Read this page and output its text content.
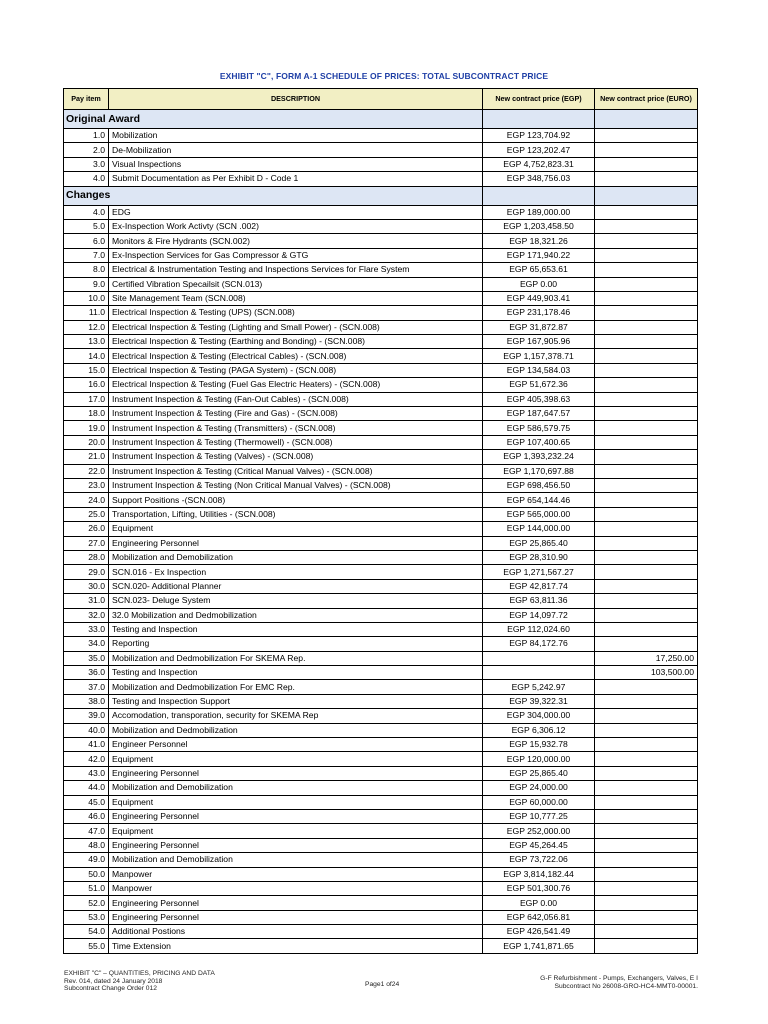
EXHIBIT "C", FORM A-1 SCHEDULE OF PRICES: TOTAL SUBCONTRACT PRICE
Pay item	DESCRIPTION	New contract price (EGP)	New contract price (EURO)
Original Award			
1.0	Mobilization	EGP 123,704.92	
2.0	De-Mobilization	EGP 123,202.47	
3.0	Visual Inspections	EGP 4,752,823.31	
4.0	Submit Documentation as Per Exhibit D - Code 1	EGP 348,756.03	
Changes			
4.0	EDG	EGP 189,000.00	
5.0	Ex-Inspection Work Activty (SCN .002)	EGP 1,203,458.50	
6.0	Monitors & Fire Hydrants (SCN.002)	EGP 18,321.26	
7.0	Ex-Inspection Services for Gas Compressor & GTG	EGP 171,940.22	
8.0	Electrical & Instrumentation Testing and Inspections Services for Flare System	EGP 65,653.61	
9.0	Certified Vibration Specailsit (SCN.013)	EGP 0.00	
10.0	Site Management Team (SCN.008)	EGP 449,903.41	
11.0	Electrical Inspection & Testing (UPS) (SCN.008)	EGP 231,178.46	
12.0	Electrical Inspection & Testing (Lighting and Small Power) - (SCN.008)	EGP 31,872.87	
13.0	Electrical Inspection & Testing (Earthing and Bonding) - (SCN.008)	EGP 167,905.96	
14.0	Electrical Inspection & Testing (Electrical Cables) - (SCN.008)	EGP 1,157,378.71	
15.0	Electrical Inspection & Testing (PAGA System) - (SCN.008)	EGP 134,584.03	
16.0	Electrical Inspection & Testing (Fuel Gas Electric Heaters) - (SCN.008)	EGP 51,672.36	
17.0	Instrument Inspection & Testing (Fan-Out Cables) - (SCN.008)	EGP 405,398.63	
18.0	Instrument Inspection & Testing (Fire and Gas) - (SCN.008)	EGP 187,647.57	
19.0	Instrument Inspection & Testing (Transmitters) - (SCN.008)	EGP 586,579.75	
20.0	Instrument Inspection & Testing (Thermowell) - (SCN.008)	EGP 107,400.65	
21.0	Instrument Inspection & Testing (Valves) - (SCN.008)	EGP 1,393,232.24	
22.0	Instrument Inspection & Testing (Critical Manual Valves) - (SCN.008)	EGP 1,170,697.88	
23.0	Instrument Inspection & Testing (Non Critical Manual Valves) - (SCN.008)	EGP 698,456.50	
24.0	Support Positions -(SCN.008)	EGP 654,144.46	
25.0	Transportation, Lifting, Utilities - (SCN.008)	EGP 565,000.00	
26.0	Equipment	EGP 144,000.00	
27.0	Engineering Personnel	EGP 25,865.40	
28.0	Mobilization and Demobilization	EGP 28,310.90	
29.0	SCN.016 - Ex Inspection	EGP 1,271,567.27	
30.0	SCN.020- Additional Planner	EGP 42,817.74	
31.0	SCN.023- Deluge System	EGP 63,811.36	
32.0	32.0 Mobilization and Dedmobilization	EGP 14,097.72	
33.0	Testing and Inspection	EGP 112,024.60	
34.0	Reporting	EGP 84,172.76	
35.0	Mobilization and Dedmobilization For SKEMA Rep.		17,250.00
36.0	Testing and Inspection		103,500.00
37.0	Mobilization and Dedmobilization For EMC Rep.	EGP 5,242.97	
38.0	Testing and Inspection Support	EGP 39,322.31	
39.0	Accomodation, transporation, security for SKEMA Rep	EGP 304,000.00	
40.0	Mobilization and Dedmobilization	EGP 6,306.12	
41.0	Engineer Personnel	EGP 15,932.78	
42.0	Equipment	EGP 120,000.00	
43.0	Engineering Personnel	EGP 25,865.40	
44.0	Mobilization and Demobilization	EGP 24,000.00	
45.0	Equipment	EGP 60,000.00	
46.0	Engineering Personnel	EGP 10,777.25	
47.0	Equipment	EGP 252,000.00	
48.0	Engineering Personnel	EGP 45,264.45	
49.0	Mobilization and Demobilization	EGP 73,722.06	
50.0	Manpower	EGP 3,814,182.44	
51.0	Manpower	EGP 501,300.76	
52.0	Engineering Personnel	EGP 0.00	
53.0	Engineering Personnel	EGP 642,056.81	
54.0	Additional Postions	EGP 426,541.49	
55.0	Time Extension	EGP 1,741,871.65	
EXHIBIT "C" – QUANTITIES, PRICING AND DATA
Rev. 014, dated 24 January 2018
Subcontract Change Order 012
Page1 of24
G-F Refurbishment - Pumps, Exchangers, Valves, E I
Subcontract No 26008-GRO-HC4-MMT0-00001.
